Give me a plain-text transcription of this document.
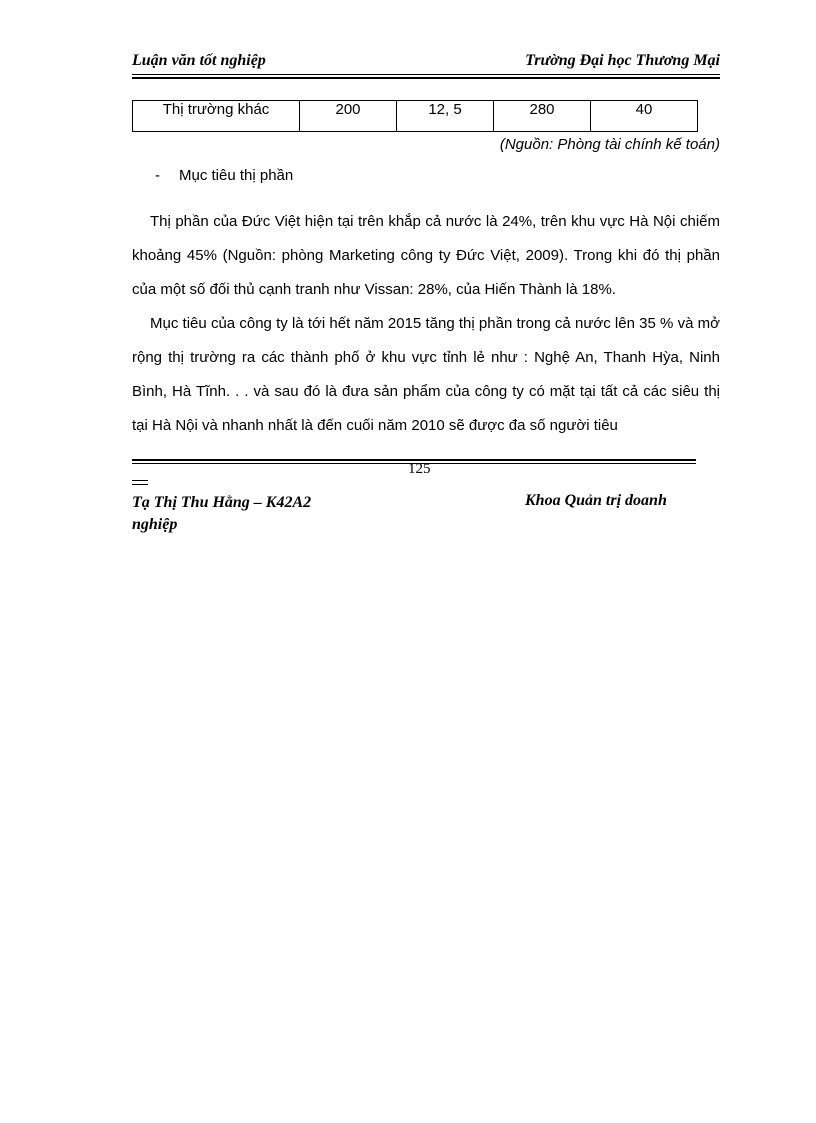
Luận văn tốt nghiệp	Trường Đại học Thương Mại
Thị trường khác	200	12, 5	280	40
(Nguồn: Phòng tài chính kế toán)
- Mục tiêu thị phần

Thị phần của Đức Việt hiện tại trên khắp cả nước là 24%, trên khu vực Hà Nội chiếm khoảng 45% (Nguồn: phòng Marketing công ty Đức Việt, 2009). Trong khi đó thị phần của một số đối thủ cạnh tranh như Vissan: 28%, của Hiến Thành là 18%.

Mục tiêu của công ty là tới hết năm 2015 tăng thị phần trong cả nước lên 35 % và mở rộng thị trường ra các thành phố ở khu vực tỉnh lẻ như : Nghệ An, Thanh Hỳa, Ninh Bình, Hà Tĩnh. . . và sau đó là đưa sản phẩm của công ty có mặt tại tất cả các siêu thị tại Hà Nội và nhanh nhất là đến cuối năm 2010 sẽ được đa số người tiêu

125
Tạ Thị Thu Hằng – K42A2
nghiệp
Khoa Quản trị doanh
